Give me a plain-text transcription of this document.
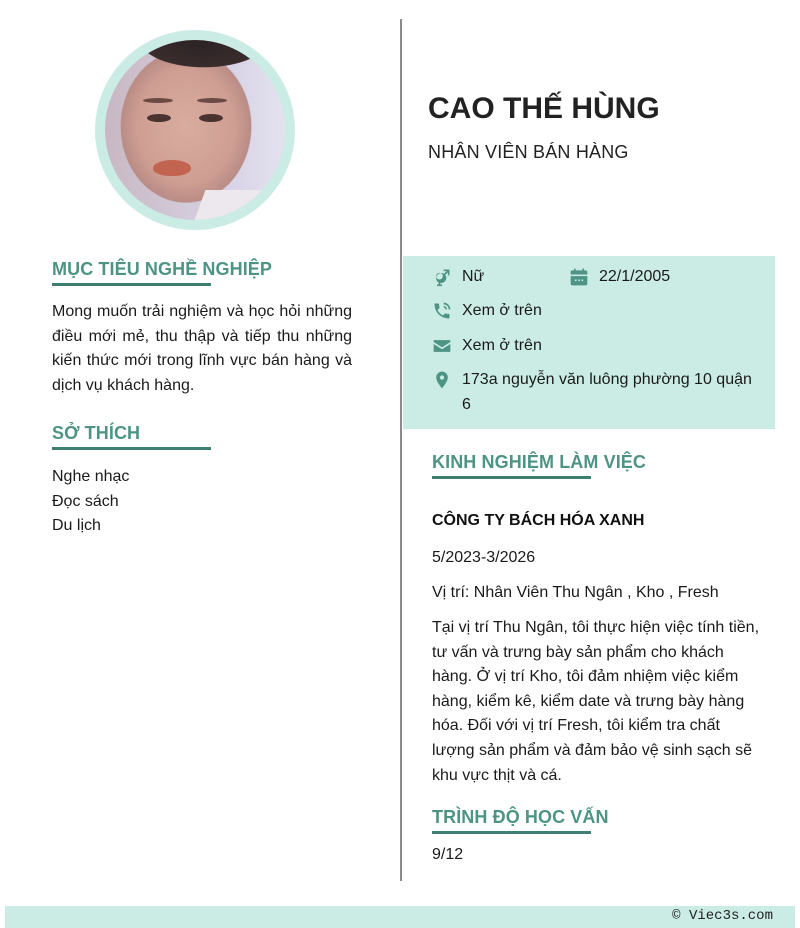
MỤC TIÊU NGHỀ NGHIỆP
Mong muốn trải nghiệm và học hỏi những điều mới mẻ, thu thập và tiếp thu những kiến thức mới trong lĩnh vực bán hàng và dịch vụ khách hàng.
SỞ THÍCH
Nghe nhạc
Đọc sách
Du lịch
CAO THẾ HÙNG
NHÂN VIÊN BÁN HÀNG
Nữ	22/1/2005
Xem ở trên
Xem ở trên
173a nguyễn văn luông phường 10 quận 6
KINH NGHIỆM LÀM VIỆC
CÔNG TY BÁCH HÓA XANH
5/2023-3/2026
Vị trí: Nhân Viên Thu Ngân , Kho , Fresh
Tại vị trí Thu Ngân, tôi thực hiện việc tính tiền, tư vấn và trưng bày sản phẩm cho khách hàng. Ở vị trí Kho, tôi đảm nhiệm việc kiểm hàng, kiểm kê, kiểm date và trưng bày hàng hóa. Đối với vị trí Fresh, tôi kiểm tra chất lượng sản phẩm và đảm bảo vệ sinh sạch sẽ khu vực thịt và cá.
TRÌNH ĐỘ HỌC VẤN
9/12
© Viec3s.com
